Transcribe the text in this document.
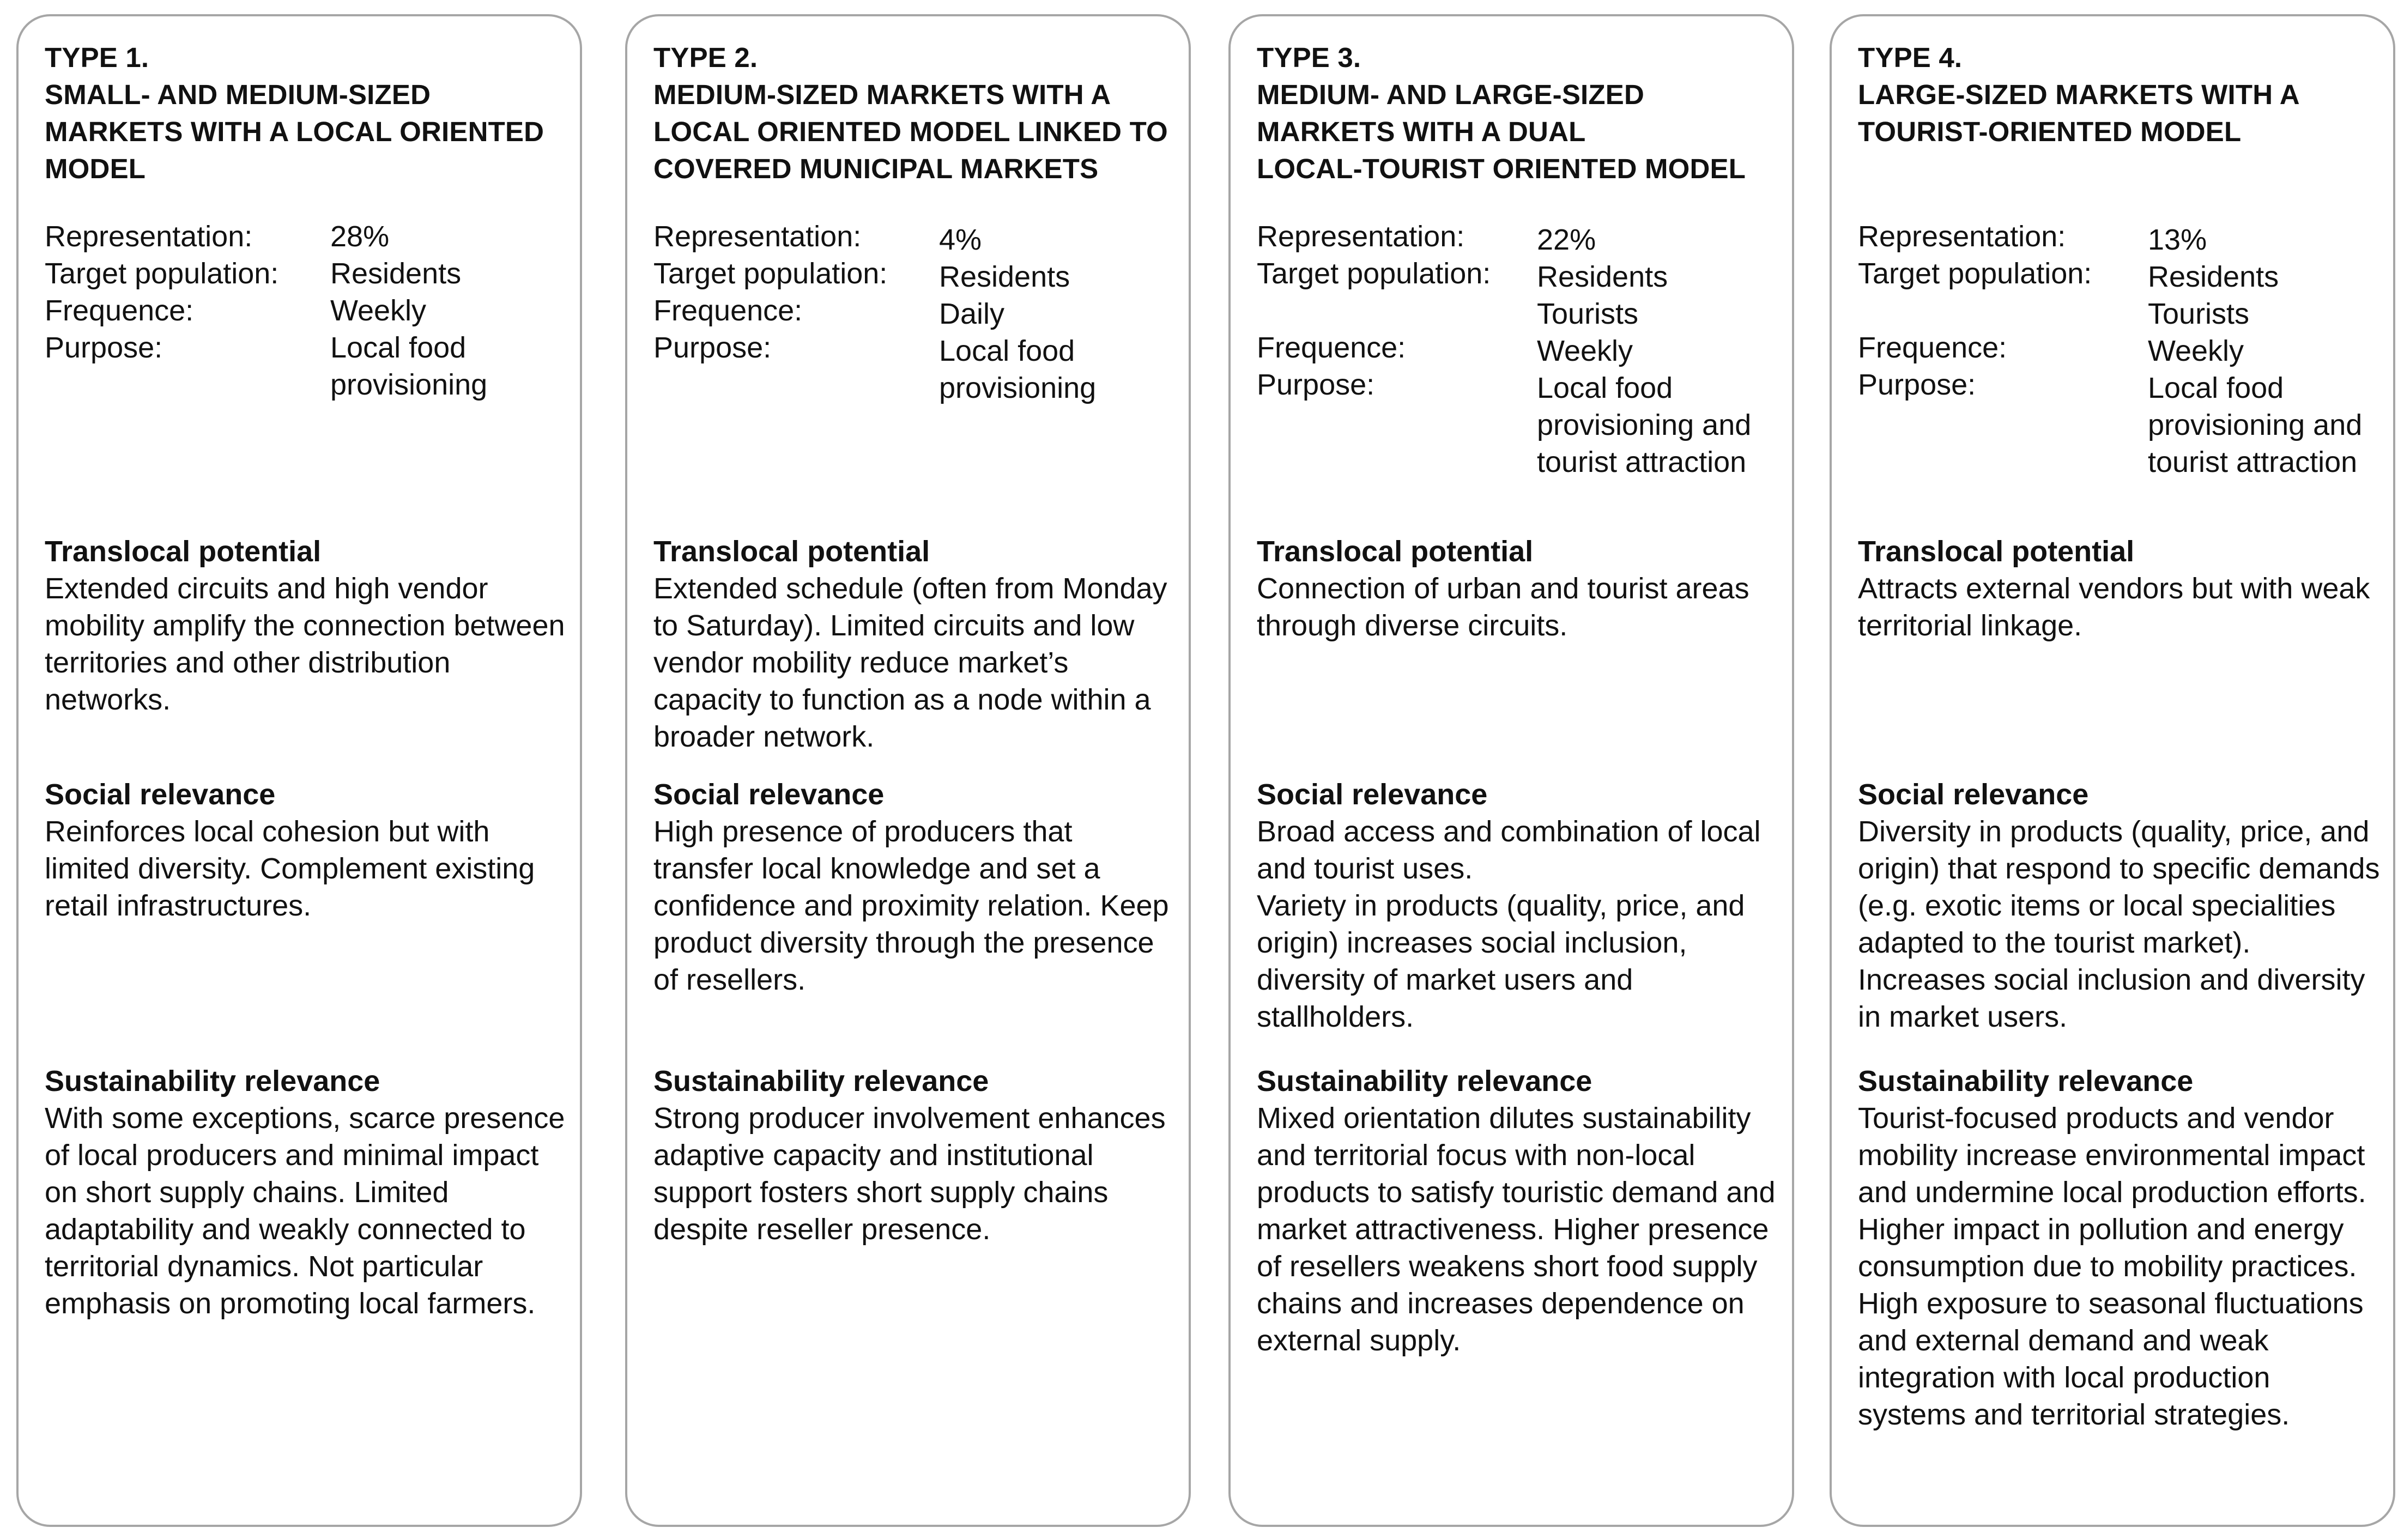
TYPE 1.
SMALL- AND MEDIUM-SIZED
MARKETS WITH A LOCAL ORIENTED
MODEL
Representation:	28%
Target population: Residents
Frequence:	Weekly
Purpose:	Local food
provisioning
Translocal potential
Extended circuits and high vendor mobility amplify the connection between territories and other distribution networks.
Social relevance
Reinforces local cohesion but with limited diversity. Complement existing retail infrastructures.
Sustainability relevance
With some exceptions, scarce presence of local producers and minimal impact on short supply chains. Limited adaptability and weakly connected to territorial dynamics. Not particular emphasis on promoting local farmers.
TYPE 2.
MEDIUM-SIZED MARKETS WITH A
LOCAL ORIENTED MODEL LINKED TO
COVERED MUNICIPAL MARKETS
Representation:	4%
Target population: Residents
Frequence:	Daily
Purpose:	Local food
provisioning
Translocal potential
Extended schedule (often from Monday to Saturday). Limited circuits and low vendor mobility reduce market’s capacity to function as a node within a broader network.
Social relevance
High presence of producers that transfer local knowledge and set a confidence and proximity relation. Keep product diversity through the presence of resellers.
Sustainability relevance
Strong producer involvement enhances adaptive capacity and institutional support fosters short supply chains despite reseller presence.
TYPE 3.
MEDIUM- AND LARGE-SIZED
MARKETS WITH A DUAL
LOCAL-TOURIST ORIENTED MODEL
Representation: 22%
Target population: Residents
Tourists
Frequence:	Weekly
Purpose:	Local food
provisioning and
tourist attraction
Translocal potential
Connection of urban and tourist areas through diverse circuits.
Social relevance
Broad access and combination of local and tourist uses.
Variety in products (quality, price, and origin) increases social inclusion, diversity of market users and stallholders.
Sustainability relevance
Mixed orientation dilutes sustainability and territorial focus with non-local products to satisfy touristic demand and market attractiveness. Higher presence of resellers weakens short food supply chains and increases dependence on external supply.
TYPE 4.
LARGE-SIZED MARKETS WITH A
TOURIST-ORIENTED MODEL
Representation:	13%
Target population: Residents
Tourists
Frequence:	Weekly
Purpose:	Local food
provisioning and
tourist attraction
Translocal potential
Attracts external vendors but with weak territorial linkage.
Social relevance
Diversity in products (quality, price, and origin) that respond to specific demands (e.g. exotic items or local specialities adapted to the tourist market). Increases social inclusion and diversity in market users.
Sustainability relevance
Tourist-focused products and vendor mobility increase environmental impact and undermine local production efforts. Higher impact in pollution and energy consumption due to mobility practices. High exposure to seasonal fluctuations and external demand and weak integration with local production systems and territorial strategies.
